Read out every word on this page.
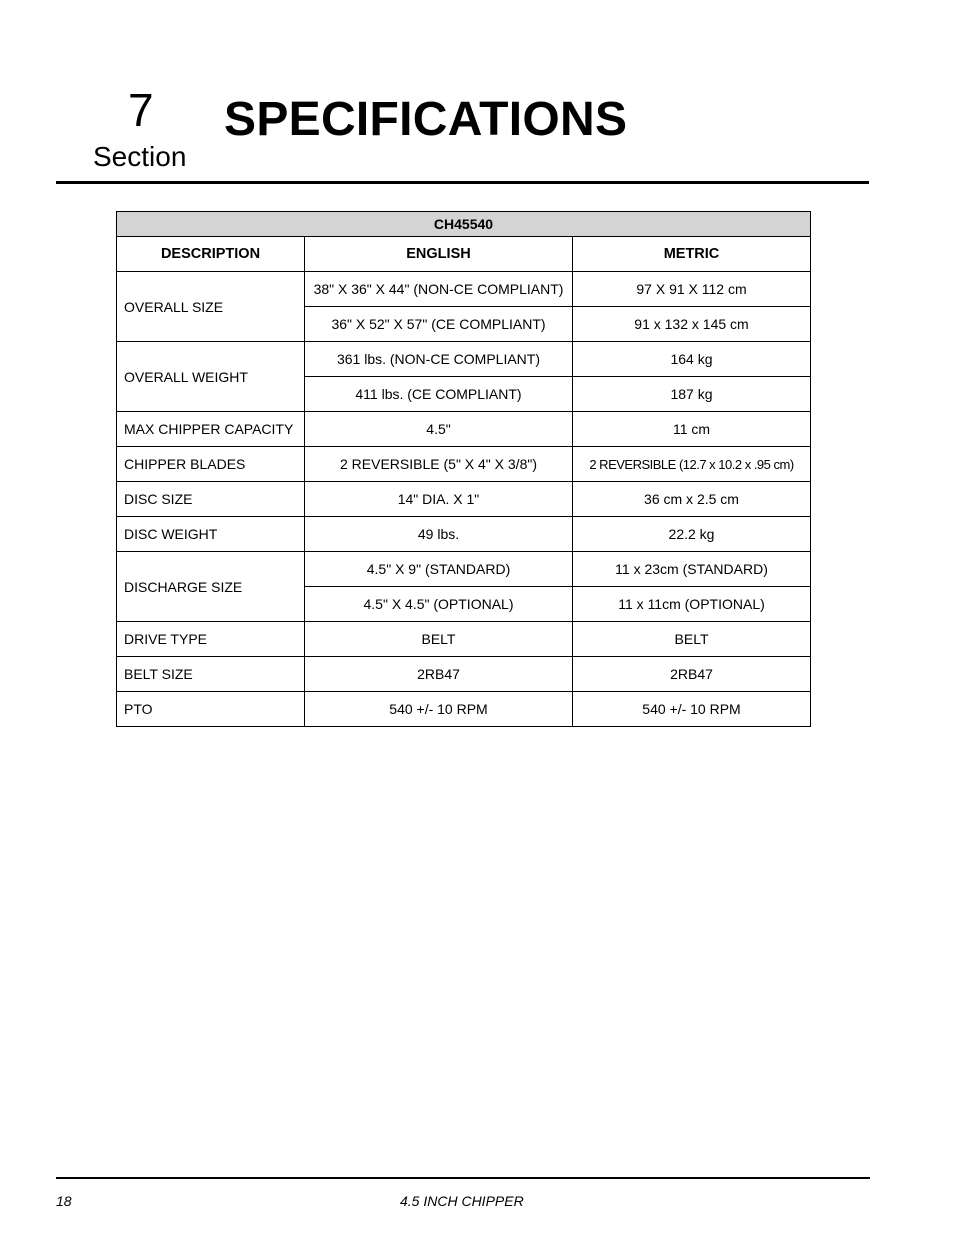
7
Section
SPECIFICATIONS
CH45540		
DESCRIPTION	ENGLISH	METRIC
OVERALL SIZE	38" X 36" X 44" (NON-CE COMPLIANT)	97 X 91 X 112 cm
	36" X 52" X 57" (CE COMPLIANT)	91 x 132 x 145 cm
OVERALL WEIGHT	361 lbs. (NON-CE COMPLIANT)	164 kg
	411 lbs. (CE COMPLIANT)	187 kg
MAX CHIPPER CAPACITY	4.5"	11 cm
CHIPPER BLADES	2 REVERSIBLE (5" X 4" X 3/8")	2 REVERSIBLE (12.7 x 10.2 x .95 cm)
DISC SIZE	14" DIA. X 1"	36 cm x 2.5 cm
DISC WEIGHT	49 lbs.	22.2 kg
DISCHARGE SIZE	4.5" X 9" (STANDARD)	11 x 23cm (STANDARD)
	4.5" X 4.5" (OPTIONAL)	11 x 11cm (OPTIONAL)
DRIVE TYPE	BELT	BELT
BELT SIZE	2RB47	2RB47
PTO	540 +/- 10 RPM	540 +/- 10 RPM
18	4.5 INCH CHIPPER
